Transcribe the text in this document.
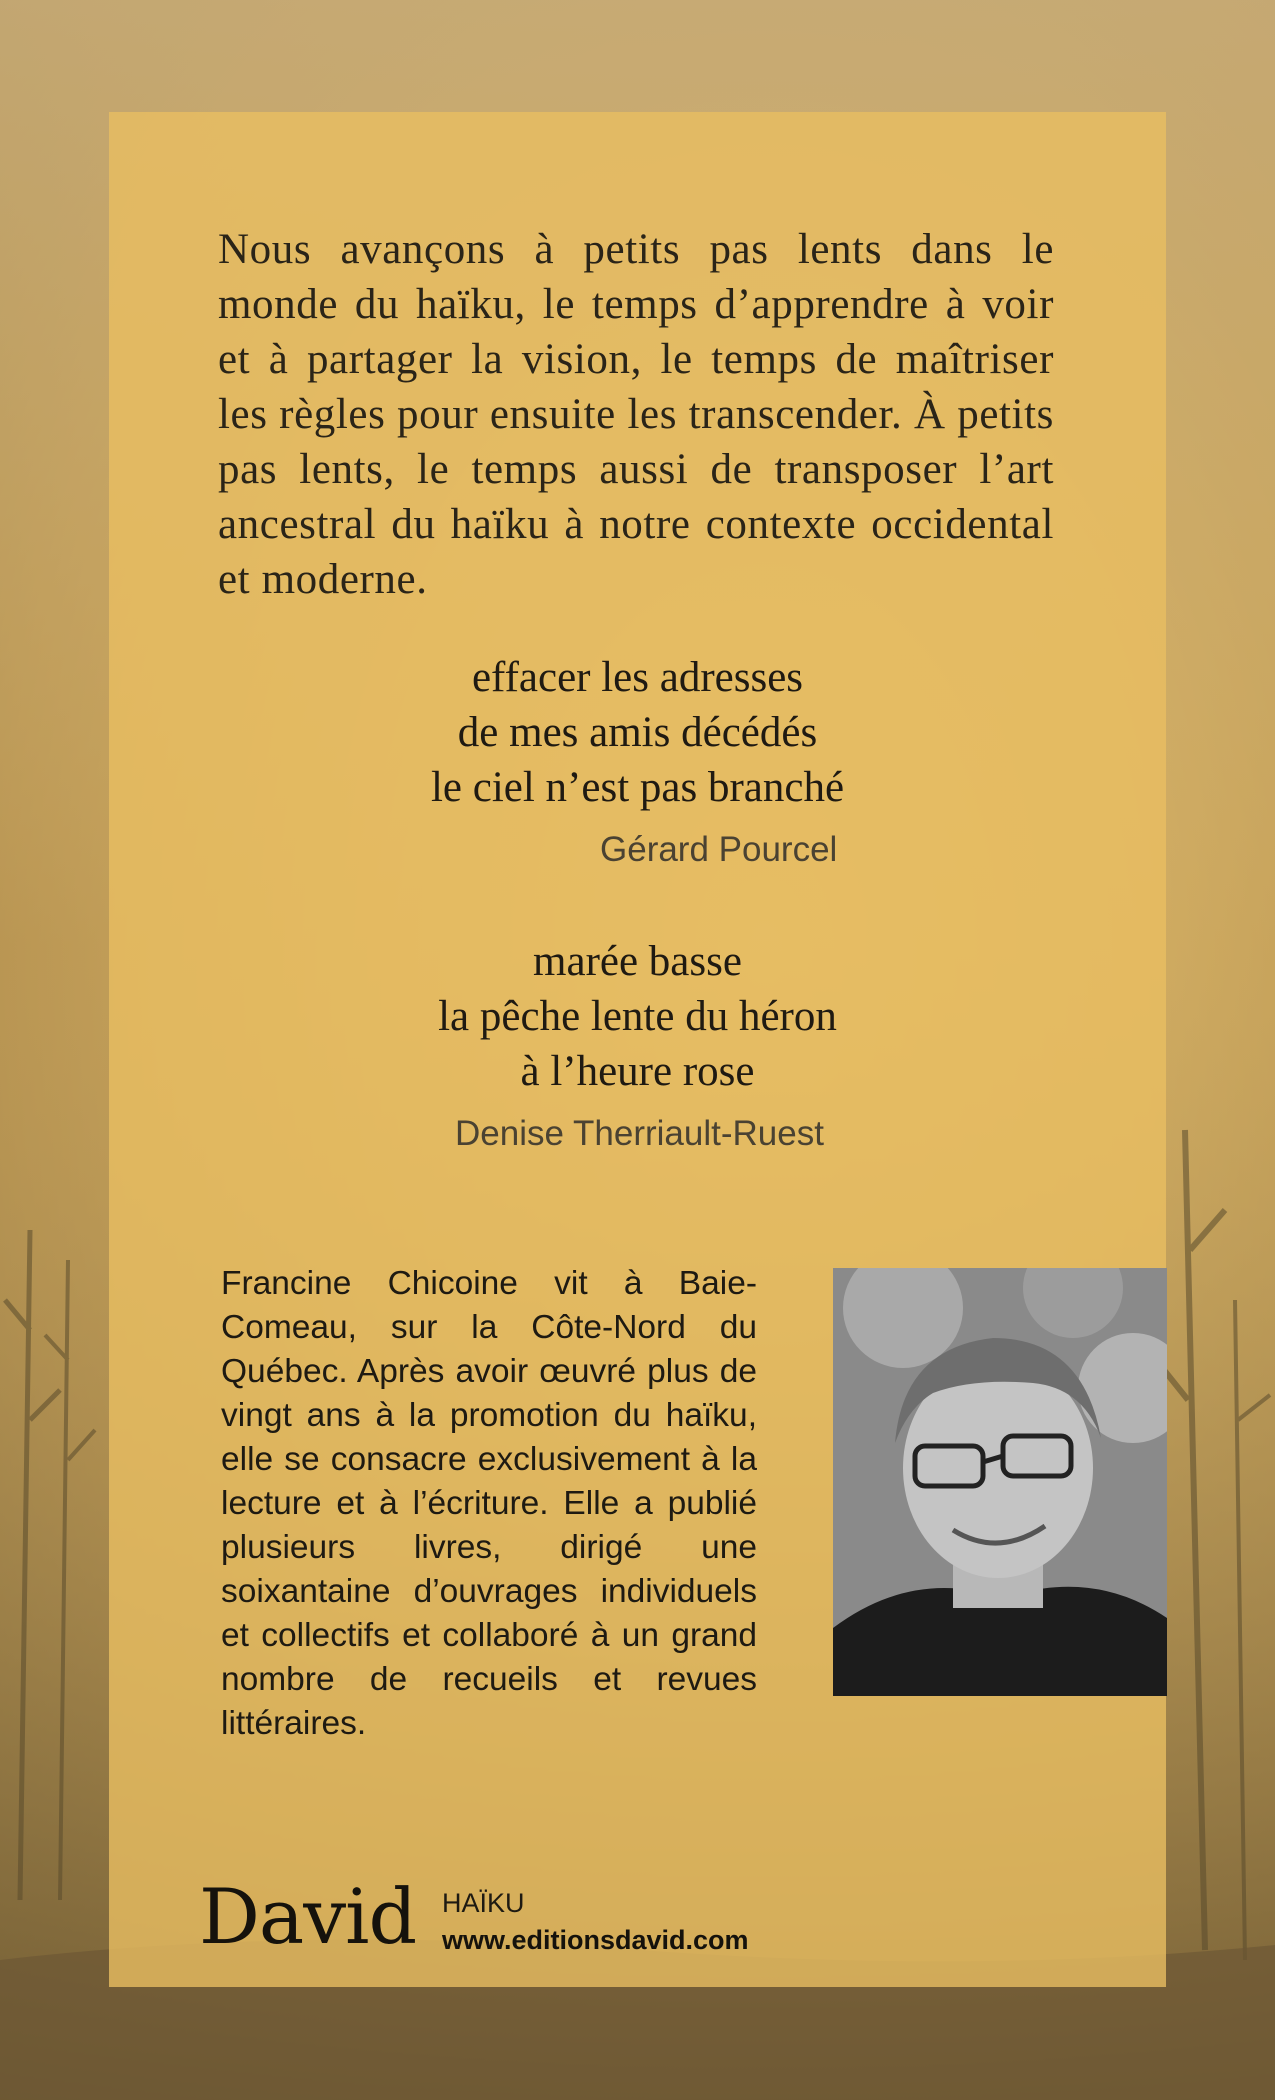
Nous avançons à petits pas lents dans le monde du haïku, le temps d’apprendre à voir et à partager la vision, le temps de maîtriser les règles pour ensuite les transcender. À petits pas lents, le temps aussi de transposer l’art ancestral du haïku à notre contexte occidental et moderne.

effacer les adresses
de mes amis décédés
le ciel n’est pas branché
Gérard Pourcel
marée basse
la pêche lente du héron
à l’heure rose
Denise Therriault-Ruest

Francine Chicoine vit à Baie-Comeau, sur la Côte-Nord du Québec. Après avoir œuvré plus de vingt ans à la promotion du haïku, elle se consacre exclusivement à la lecture et à l’écriture. Elle a publié plusieurs livres, dirigé une soixantaine d’ouvrages individuels et collectifs et collaboré à un grand nombre de recueils et revues littéraires.

David HAÏKU
www.editionsdavid.com
